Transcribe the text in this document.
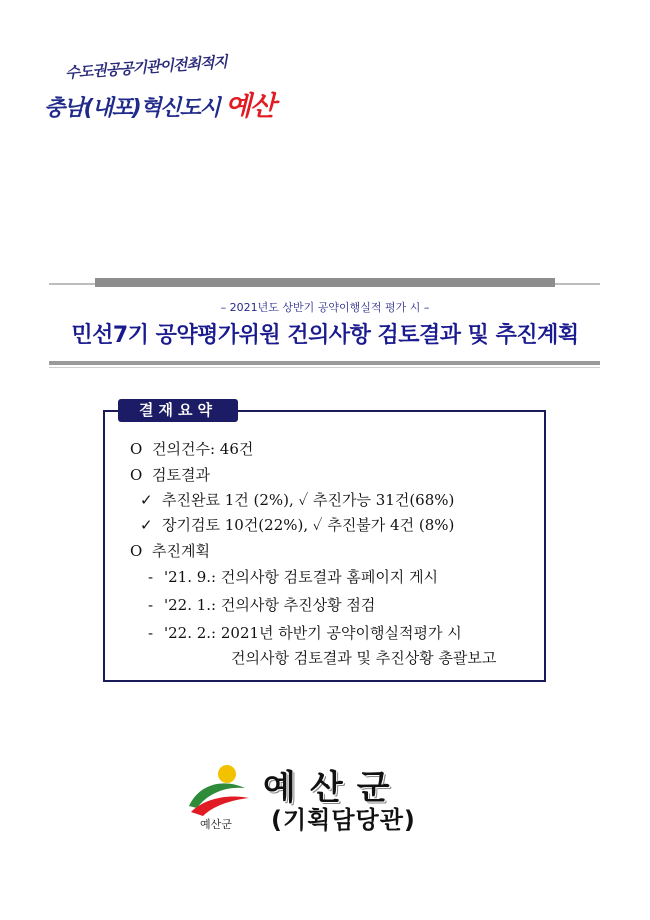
수도권공공기관이전최적지
충남(내포)혁신도시 예산
– 2021년도 상반기 공약이행실적 평가 시 –
민선7기 공약평가위원 건의사항 검토결과 및 추진계획
결재요약
O 건의건수: 46건
O 검토결과
✓ 추진완료 1건 (2%), ✓ 추진가능 31건(68%)
✓ 장기검토 10건(22%), ✓ 추진불가 4건 (8%)
O 추진계획
- '21. 9.: 건의사항 검토결과 홈페이지 게시
- '22. 1.: 건의사항 추진상황 점검
- '22. 2.: 2021년 하반기 공약이행실적평가 시
건의사항 검토결과 및 추진상황 총괄보고
예산군
예산군
(기획담당관)
